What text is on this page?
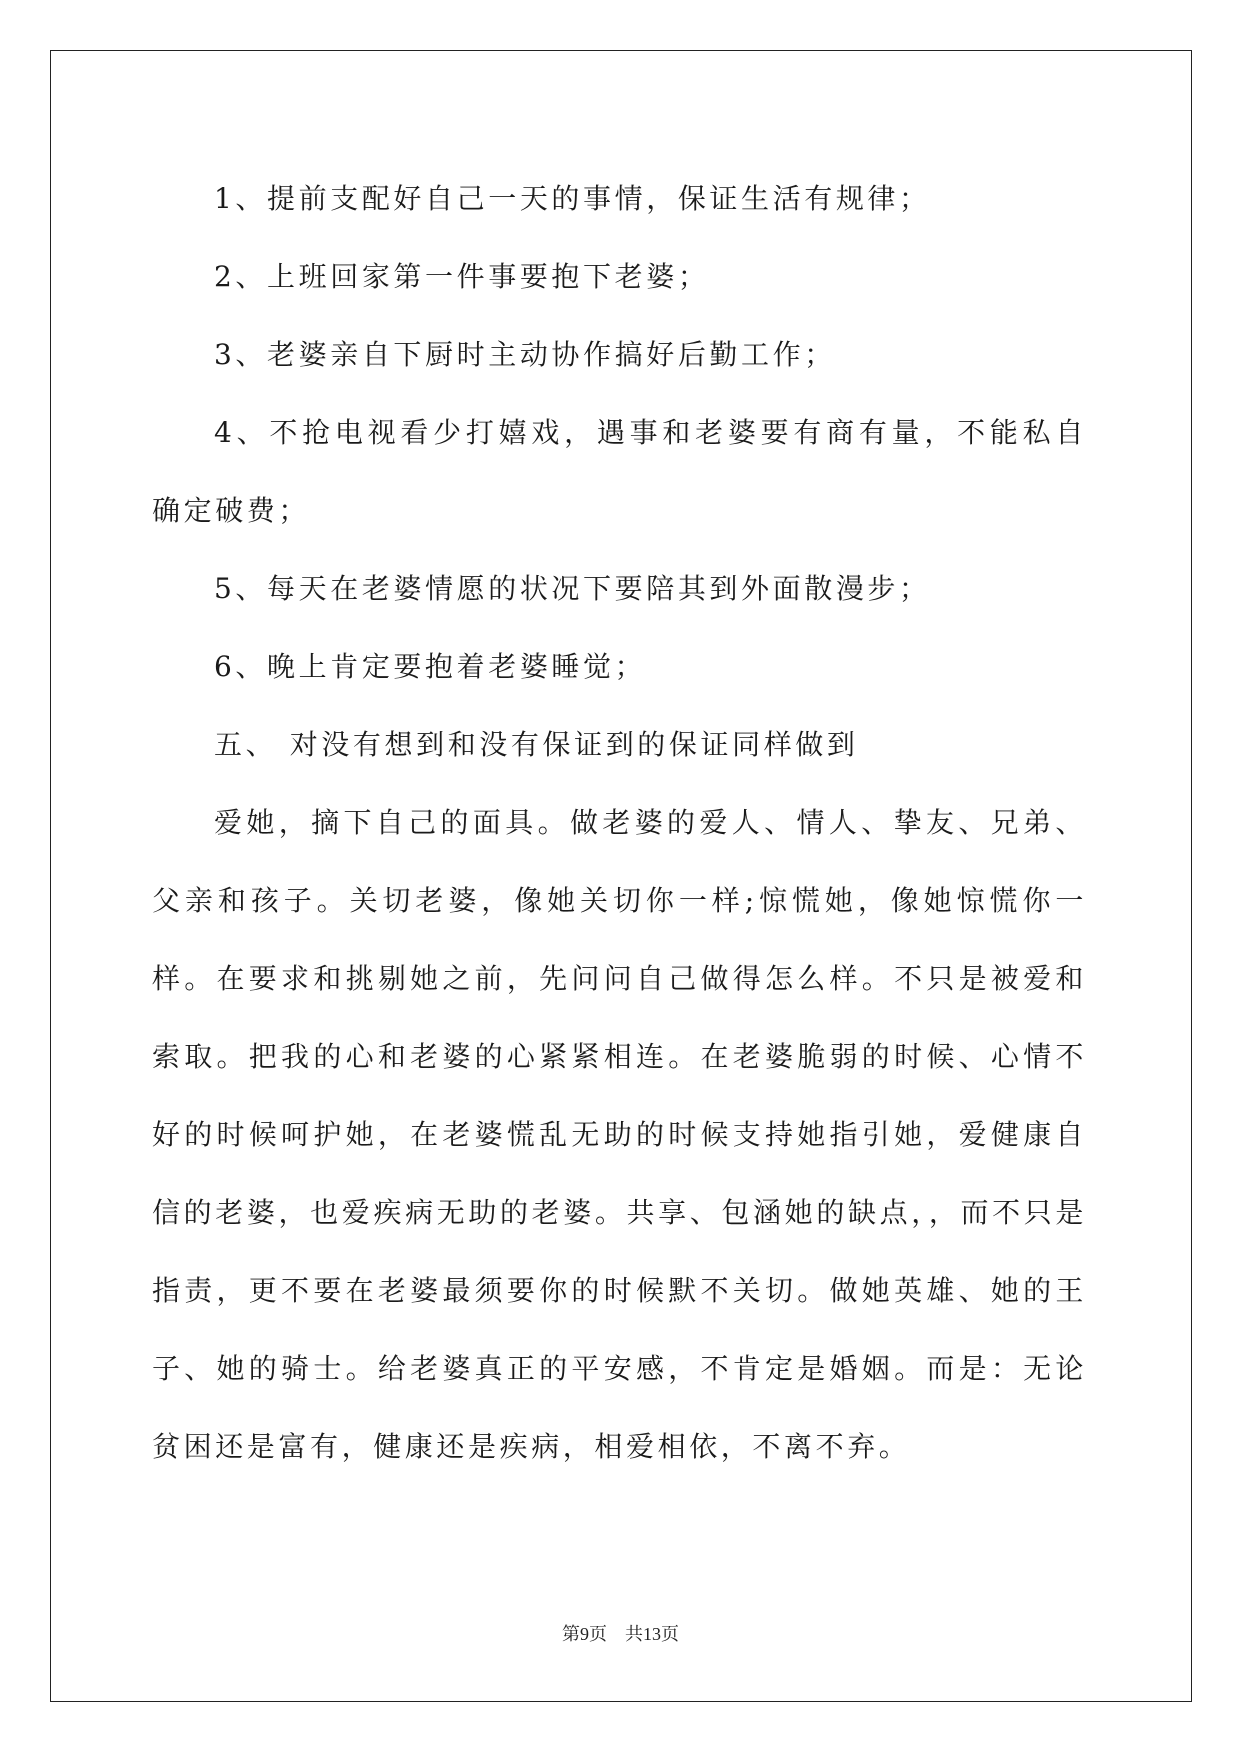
1、提前支配好自己一天的事情，保证生活有规律；

2、上班回家第一件事要抱下老婆；

3、老婆亲自下厨时主动协作搞好后勤工作；

4、不抢电视看少打嬉戏，遇事和老婆要有商有量，不能私自确定破费；

5、每天在老婆情愿的状况下要陪其到外面散漫步；

6、晚上肯定要抱着老婆睡觉；

五、 对没有想到和没有保证到的保证同样做到

爱她，摘下自己的面具。做老婆的爱人、情人、挚友、兄弟、父亲和孩子。关切老婆，像她关切你一样;惊慌她，像她惊慌你一样。在要求和挑剔她之前，先问问自己做得怎么样。不只是被爱和索取。把我的心和老婆的心紧紧相连。在老婆脆弱的时候、心情不好的时候呵护她，在老婆慌乱无助的时候支持她指引她，爱健康自信的老婆，也爱疾病无助的老婆。共享、包涵她的缺点，，而不只是指责，更不要在老婆最须要你的时候默不关切。做她英雄、她的王子、她的骑士。给老婆真正的平安感，不肯定是婚姻。而是：无论贫困还是富有，健康还是疾病，相爱相依，不离不弃。

第9页 共13页
